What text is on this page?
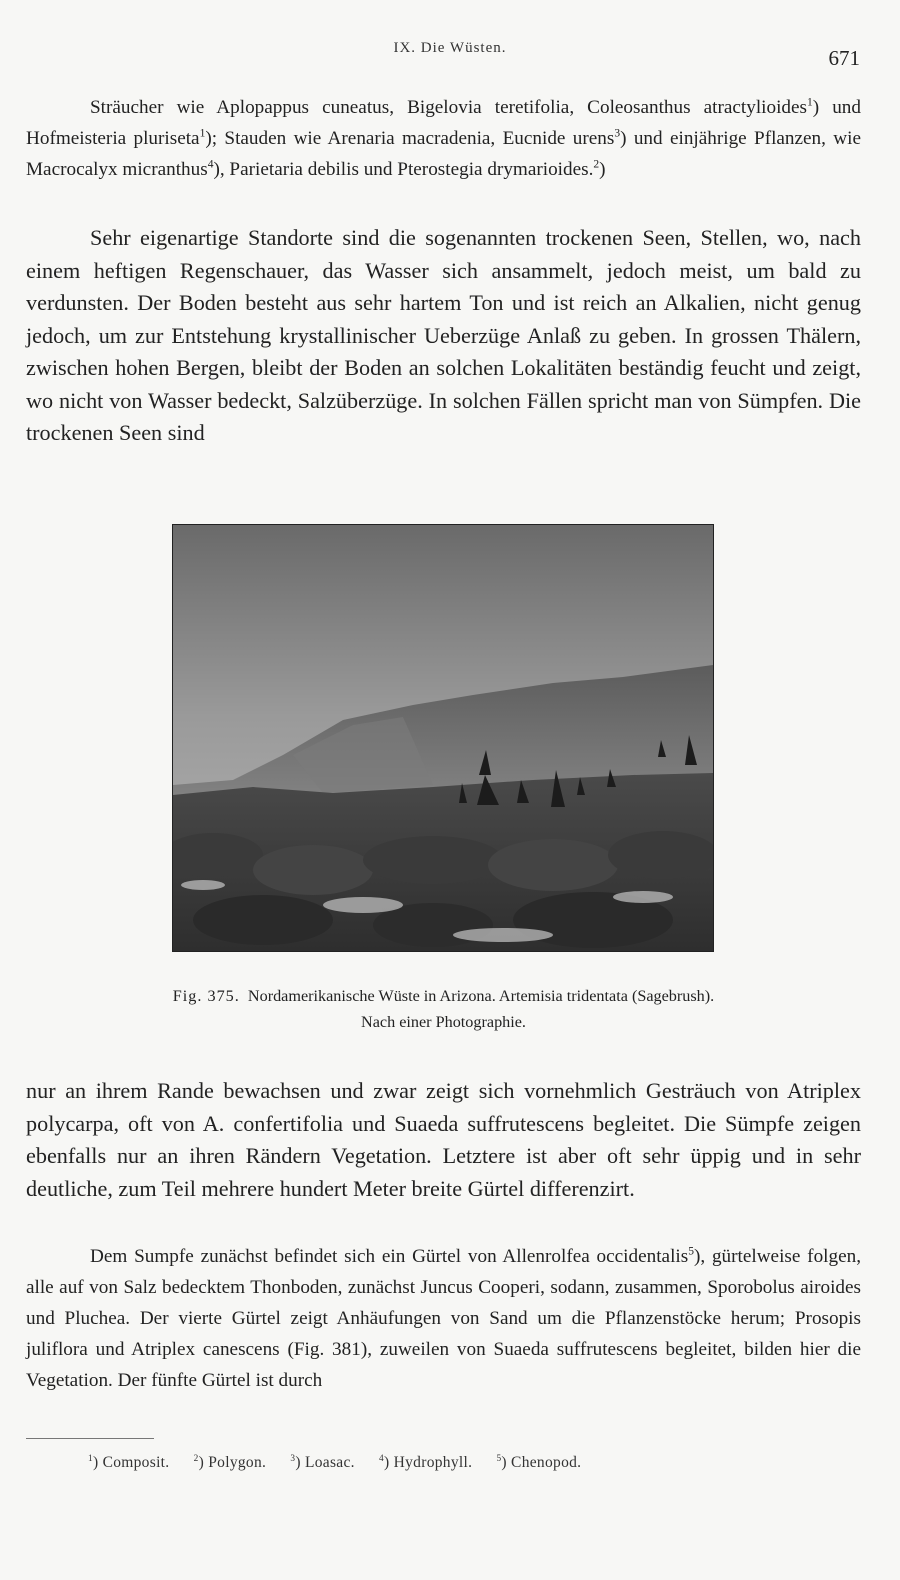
IX. Die Wüsten.	671
Sträucher wie Aplopappus cuneatus, Bigelovia teretifolia, Coleosanthus atractylioides$^1$) und Hofmeisteria pluriseta$^1$); Stauden wie Arenaria macradenia, Eucnide urens$^3$) und einjährige Pflanzen, wie Macrocalyx micranthus$^4$), Parietaria debilis und Pterostegia drymarioides.$^2$)
Sehr eigenartige Standorte sind die sogenannten trockenen Seen, Stellen, wo, nach einem heftigen Regenschauer, das Wasser sich ansammelt, jedoch meist, um bald zu verdunsten. Der Boden besteht aus sehr hartem Ton und ist reich an Alkalien, nicht genug jedoch, um zur Entstehung krystallinischer Ueberzüge Anlaß zu geben. In grossen Thälern, zwischen hohen Bergen, bleibt der Boden an solchen Lokalitäten beständig feucht und zeigt, wo nicht von Wasser bedeckt, Salzüberzüge. In solchen Fällen spricht man von Sümpfen. Die trockenen Seen sind
Fig. 375. Nordamerikanische Wüste in Arizona. Artemisia tridentata (Sagebrush).
Nach einer Photographie.
nur an ihrem Rande bewachsen und zwar zeigt sich vornehmlich Gesträuch von Atriplex polycarpa, oft von A. confertifolia und Suaeda suffrutescens begleitet. Die Sümpfe zeigen ebenfalls nur an ihren Rändern Vegetation. Letztere ist aber oft sehr üppig und in sehr deutliche, zum Teil mehrere hundert Meter breite Gürtel differenzirt.
Dem Sumpfe zunächst befindet sich ein Gürtel von Allenrolfea occidentalis$^5$), gürtelweise folgen, alle auf von Salz bedecktem Thonboden, zunächst Juncus Cooperi, sodann, zusammen, Sporobolus airoides und Pluchea. Der vierte Gürtel zeigt Anhäufungen von Sand um die Pflanzenstöcke herum; Prosopis juliflora und Atriplex canescens (Fig. 381), zuweilen von Suaeda suffrutescens begleitet, bilden hier die Vegetation. Der fünfte Gürtel ist durch
$^1$) Composit.	$^2$) Polygon.	$^3$) Loasac.	$^4$) Hydrophyll.	$^5$) Chenopod.
